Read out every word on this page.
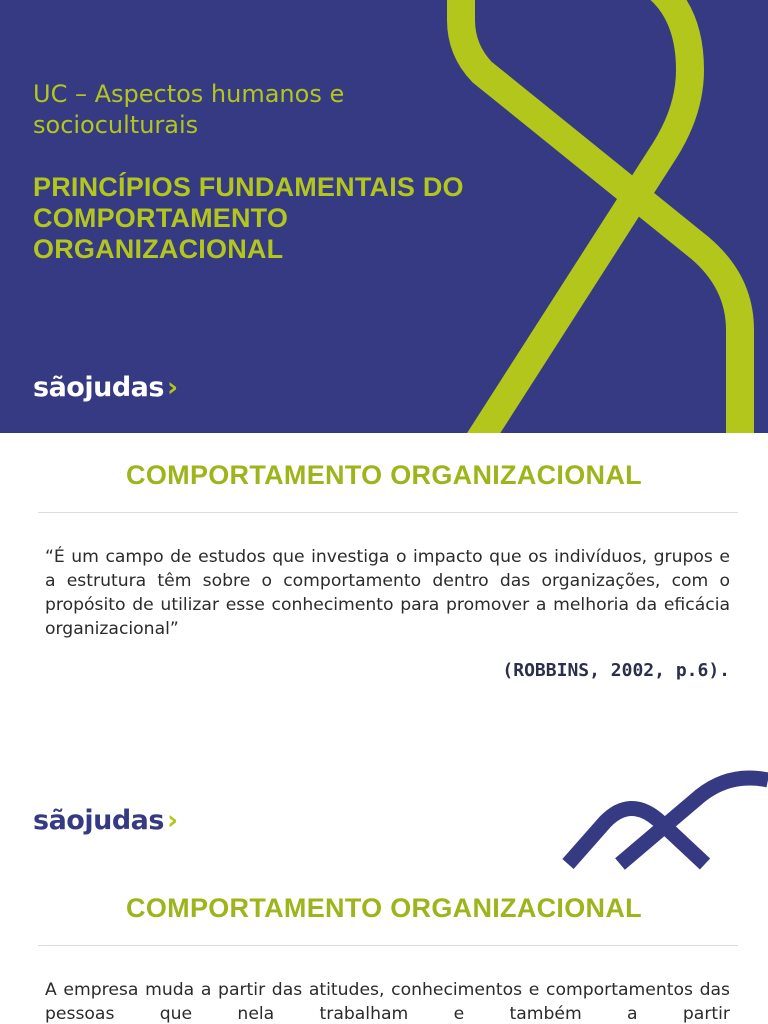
UC – Aspectos humanos e socioculturais

PRINCÍPIOS FUNDAMENTAIS DO COMPORTAMENTO ORGANIZACIONAL
sãojudas ›
COMPORTAMENTO ORGANIZACIONAL

“É um campo de estudos que investiga o impacto que os indivíduos, grupos e a estrutura têm sobre o comportamento dentro das organizações, com o propósito de utilizar esse conhecimento para promover a melhoria da eficácia organizacional”

(ROBBINS, 2002, p.6).

sãojudas ›
COMPORTAMENTO ORGANIZACIONAL

A empresa muda a partir das atitudes, conhecimentos e comportamentos das pessoas que nela trabalham e também a partir
